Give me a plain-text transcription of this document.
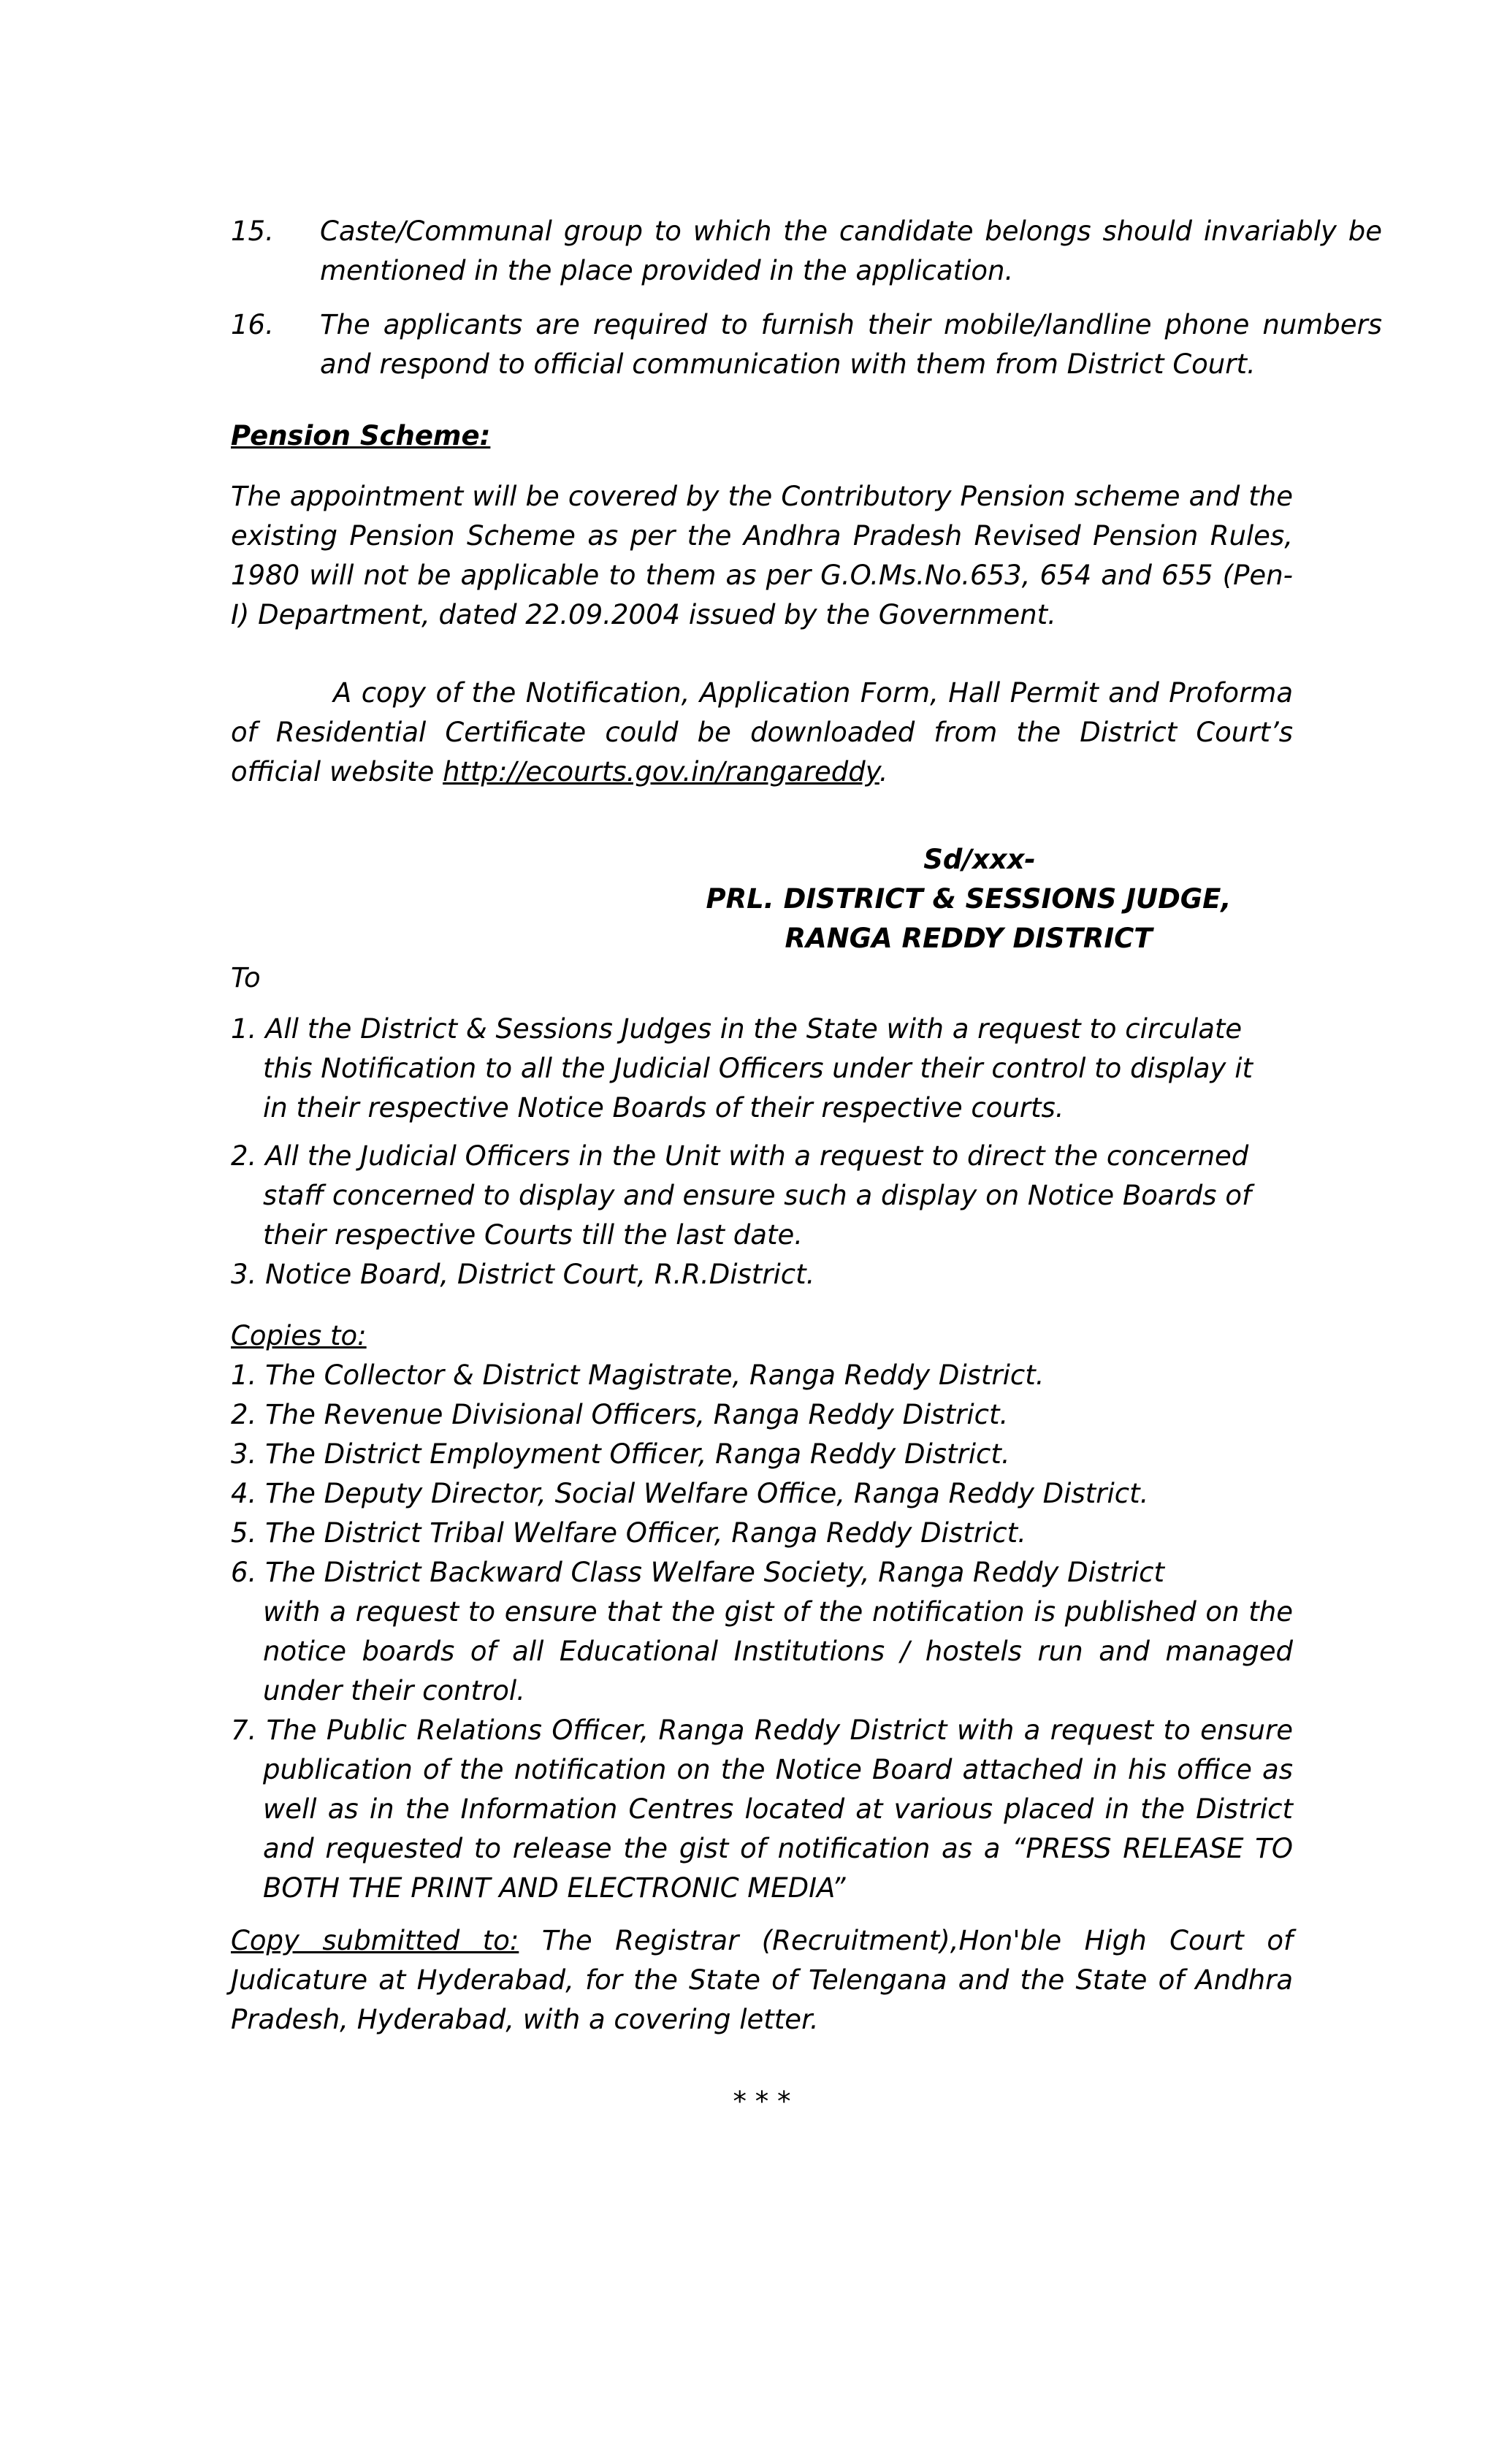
15. Caste/Communal group to which the candidate belongs should invariably be mentioned in the place provided in the application.
16. The applicants are required to furnish their mobile/landline phone numbers and respond to official communication with them from District Court.
Pension Scheme:
The appointment will be covered by the Contributory Pension scheme and the existing Pension Scheme as per the Andhra Pradesh Revised Pension Rules, 1980 will not be applicable to them as per G.O.Ms.No.653, 654 and 655 (Pen-I) Department, dated 22.09.2004 issued by the Government.
A copy of the Notification, Application Form, Hall Permit and Proforma of Residential Certificate could be downloaded from the District Court’s official website http://ecourts.gov.in/rangareddy.
Sd/xxx-
PRL. DISTRICT & SESSIONS JUDGE,
RANGA REDDY DISTRICT
To

1. All the District & Sessions Judges in the State with a request to circulate this Notification to all the Judicial Officers under their control to display it in their respective Notice Boards of their respective courts.

2. All the Judicial Officers in the Unit with a request to direct the concerned staff concerned to display and ensure such a display on Notice Boards of their respective Courts till the last date.

3. Notice Board, District Court, R.R.District.

Copies to:

1. The Collector & District Magistrate, Ranga Reddy District.

2. The Revenue Divisional Officers, Ranga Reddy District.

3. The District Employment Officer, Ranga Reddy District.

4. The Deputy Director, Social Welfare Office, Ranga Reddy District.

5. The District Tribal Welfare Officer, Ranga Reddy District.

6. The District Backward Class Welfare Society, Ranga Reddy District

with a request to ensure that the gist of the notification is published on the notice boards of all Educational Institutions / hostels run and managed under their control.

7. The Public Relations Officer, Ranga Reddy District with a request to ensure publication of the notification on the Notice Board attached in his office as well as in the Information Centres located at various placed in the District and requested to release the gist of notification as a “PRESS RELEASE TO BOTH THE PRINT AND ELECTRONIC MEDIA”

Copy submitted to: The Registrar (Recruitment),Hon'ble High Court of Judicature at Hyderabad, for the State of Telengana and the State of Andhra Pradesh, Hyderabad, with a covering letter.
* * *
